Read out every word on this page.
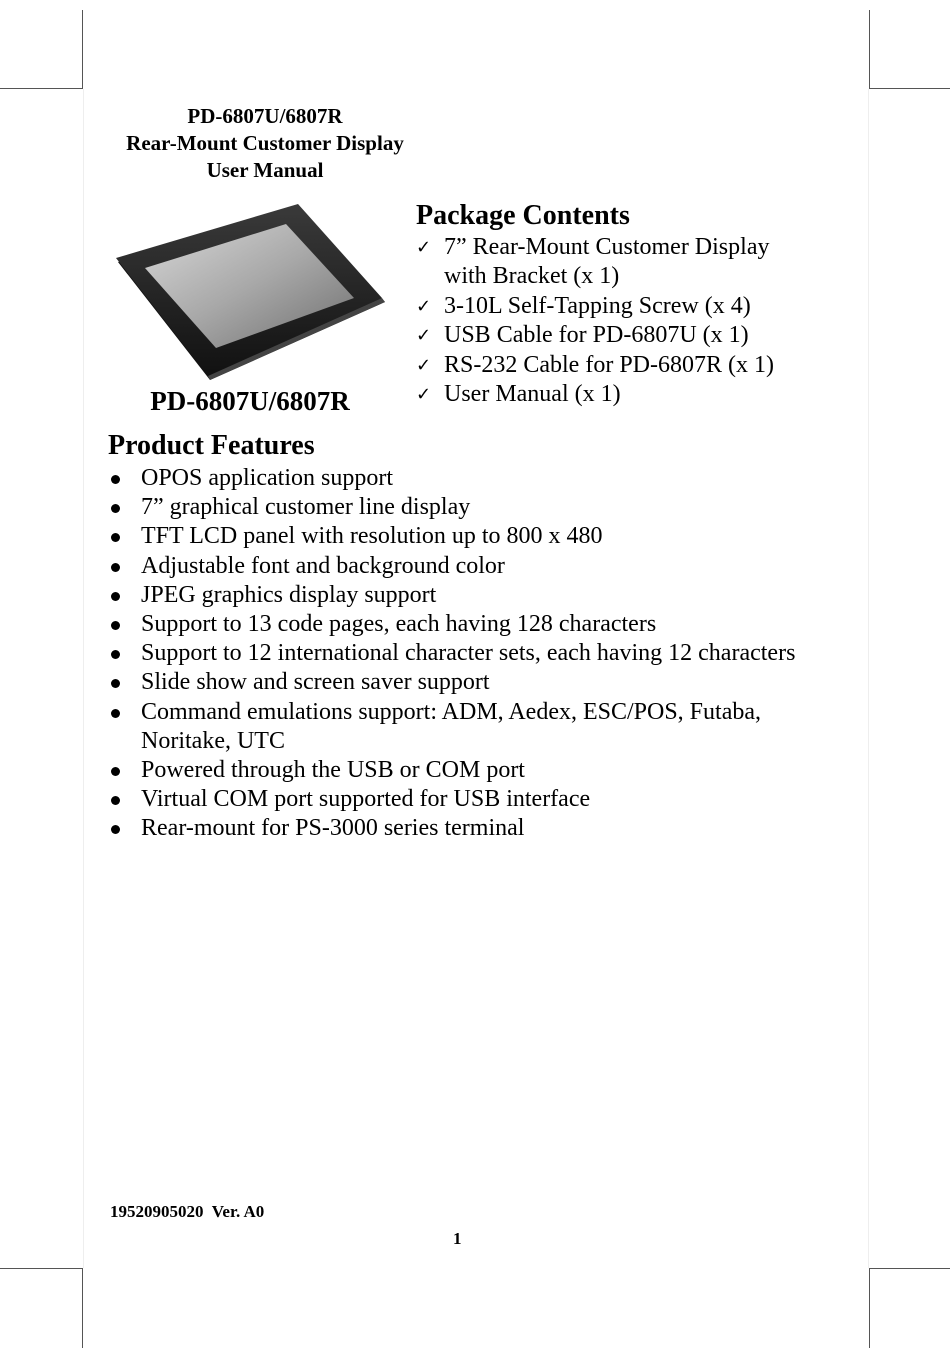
PD-6807U/6807R
Rear-Mount Customer Display
User Manual
PD-6807U/6807R
Package Contents
✓ 7” Rear-Mount Customer Display
with Bracket (x 1)
✓ 3-10L Self-Tapping Screw (x 4)
✓ USB Cable for PD-6807U (x 1)
✓ RS-232 Cable for PD-6807R (x 1)
✓ User Manual (x 1)
Product Features
OPOS application support
7” graphical customer line display
TFT LCD panel with resolution up to 800 x 480
Adjustable font and background color
JPEG graphics display support
Support to 13 code pages, each having 128 characters
Support to 12 international character sets, each having 12 characters
Slide show and screen saver support
Command emulations support: ADM, Aedex, ESC/POS, Futaba,
Noritake, UTC
Powered through the USB or COM port
Virtual COM port supported for USB interface
Rear-mount for PS-3000 series terminal
19520905020  Ver. A0
1
